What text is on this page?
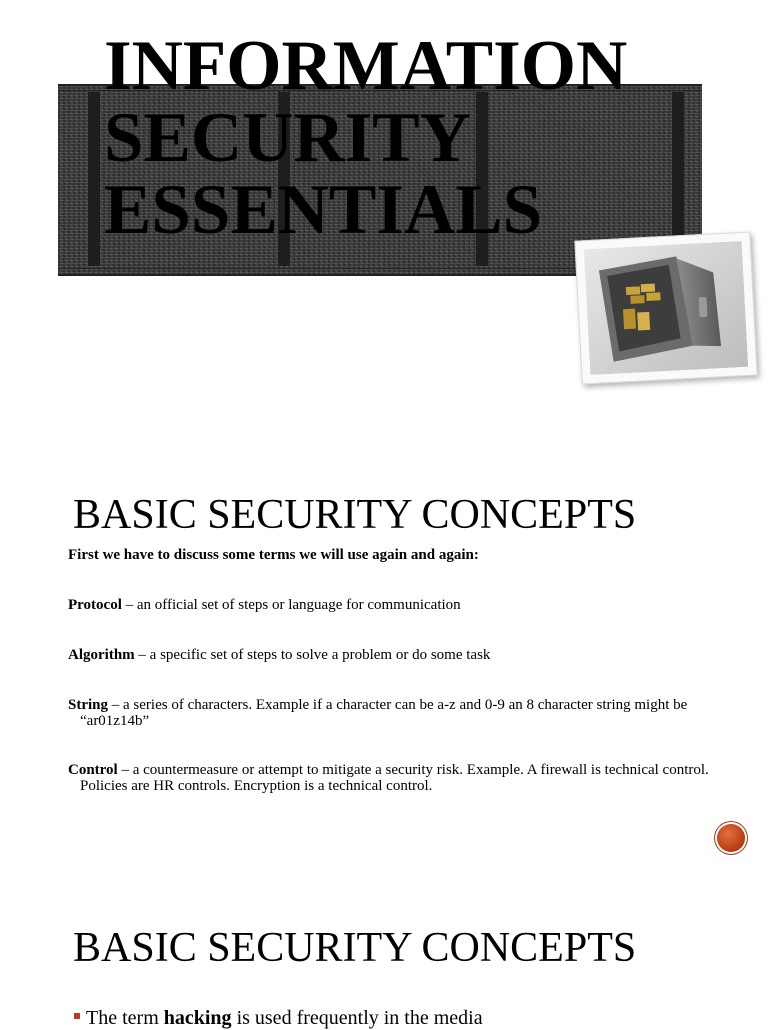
INFORMATION
SECURITY
ESSENTIALS
BASIC SECURITY CONCEPTS

First we have to discuss some terms we will use again and again:

Protocol – an official set of steps or language for communication

Algorithm – a specific set of steps to solve a problem or do some task

String – a series of characters. Example if a character can be a-z and 0-9 an 8 character string might be “ar01z14b”

Control – a countermeasure or attempt to mitigate a security risk. Example. A firewall is technical control. Policies are HR controls. Encryption is a technical control.

BASIC SECURITY CONCEPTS
The term hacking is used frequently in the media
